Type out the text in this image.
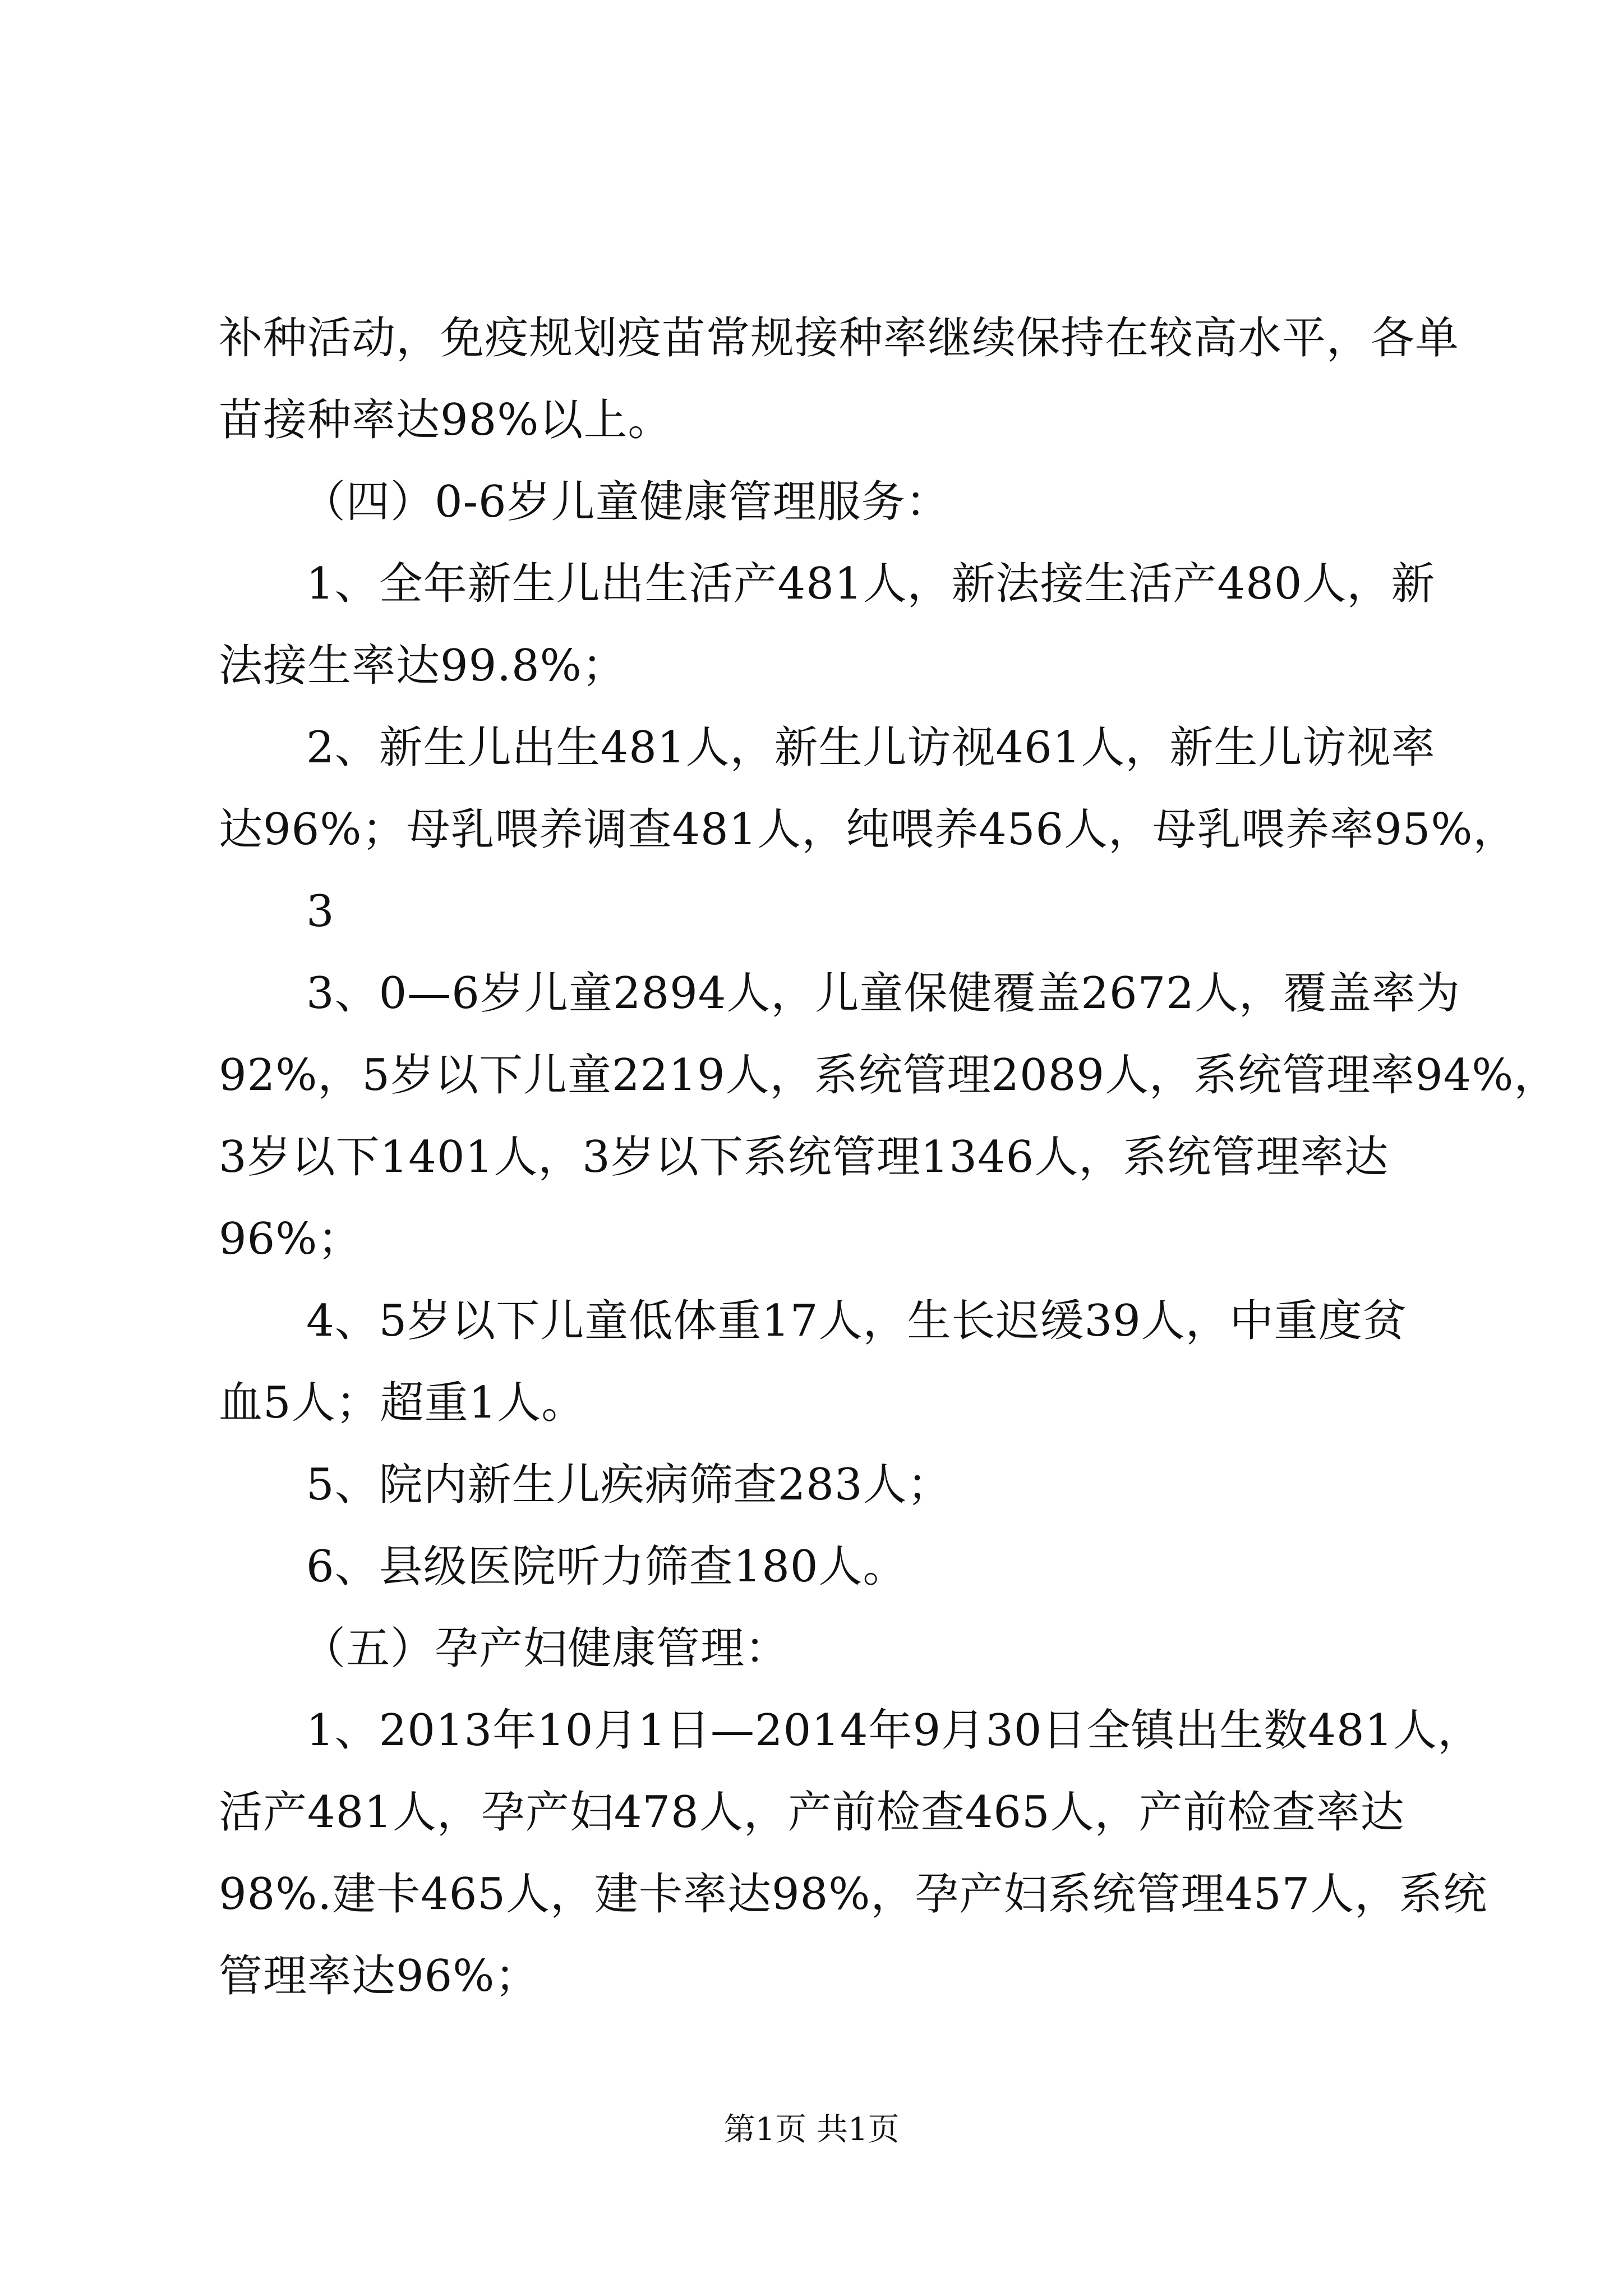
补种活动，免疫规划疫苗常规接种率继续保持在较高水平，各单
苗接种率达98%以上。
（四）0-6岁儿童健康管理服务：
1、全年新生儿出生活产481人，新法接生活产480人，新
法接生率达99.8%；
2、新生儿出生481人，新生儿访视461人，新生儿访视率
达96%；母乳喂养调查481人，纯喂养456人，母乳喂养率95%，
3
3、0—6岁儿童2894人，儿童保健覆盖2672人，覆盖率为
92%，5岁以下儿童2219人，系统管理2089人，系统管理率94%，
3岁以下1401人，3岁以下系统管理1346人，系统管理率达
96%；
4、5岁以下儿童低体重17人，生长迟缓39人，中重度贫
血5人；超重1人。
5、院内新生儿疾病筛查283人；
6、县级医院听力筛查180人。
（五）孕产妇健康管理：
1、2013年10月1日—2014年9月30日全镇出生数481人，
活产481人，孕产妇478人，产前检查465人，产前检查率达
98%.建卡465人，建卡率达98%，孕产妇系统管理457人，系统
管理率达96%；
第1页 共1页
